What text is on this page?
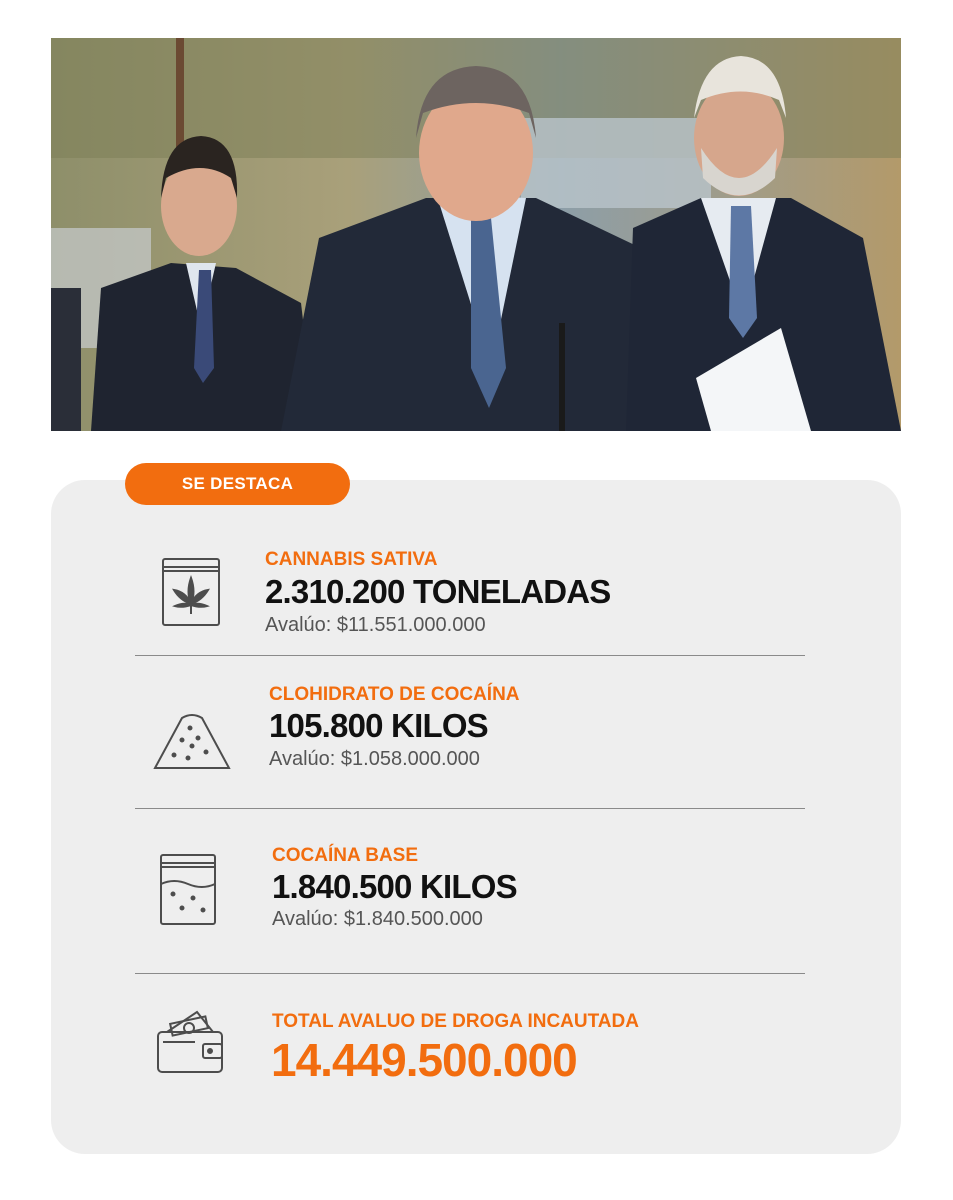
SE DESTACA
CANNABIS SATIVA
2.310.200 TONELADAS
Avalúo: $11.551.000.000
CLOHIDRATO DE COCAÍNA
105.800 KILOS
Avalúo: $1.058.000.000
COCAÍNA BASE
1.840.500 KILOS
Avalúo: $1.840.500.000
TOTAL AVALUO DE DROGA INCAUTADA
14.449.500.000
